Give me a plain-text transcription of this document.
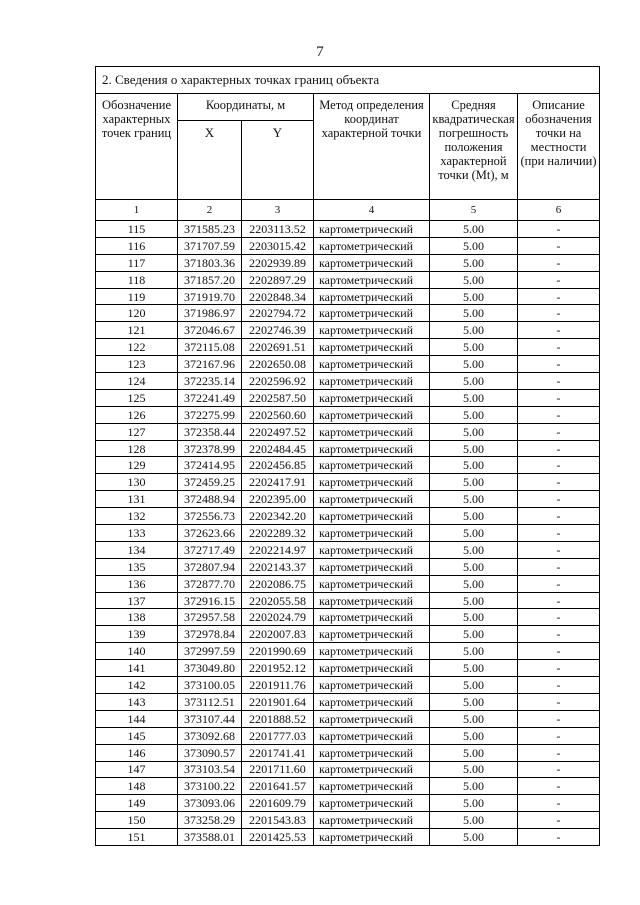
7
2. Сведения о характерных точках границ объекта					
Обозначение характерных точек границ	Координаты, м		Метод определения координат характерной точки	Средняя квадратическая погрешность положения характерной точки (Mt), м	Описание обозначения точки на местности (при наличии)
	X	Y			
1	2	3	4	5	6
115	371585.23	2203113.52	картометрический	5.00	-
116	371707.59	2203015.42	картометрический	5.00	-
117	371803.36	2202939.89	картометрический	5.00	-
118	371857.20	2202897.29	картометрический	5.00	-
119	371919.70	2202848.34	картометрический	5.00	-
120	371986.97	2202794.72	картометрический	5.00	-
121	372046.67	2202746.39	картометрический	5.00	-
122	372115.08	2202691.51	картометрический	5.00	-
123	372167.96	2202650.08	картометрический	5.00	-
124	372235.14	2202596.92	картометрический	5.00	-
125	372241.49	2202587.50	картометрический	5.00	-
126	372275.99	2202560.60	картометрический	5.00	-
127	372358.44	2202497.52	картометрический	5.00	-
128	372378.99	2202484.45	картометрический	5.00	-
129	372414.95	2202456.85	картометрический	5.00	-
130	372459.25	2202417.91	картометрический	5.00	-
131	372488.94	2202395.00	картометрический	5.00	-
132	372556.73	2202342.20	картометрический	5.00	-
133	372623.66	2202289.32	картометрический	5.00	-
134	372717.49	2202214.97	картометрический	5.00	-
135	372807.94	2202143.37	картометрический	5.00	-
136	372877.70	2202086.75	картометрический	5.00	-
137	372916.15	2202055.58	картометрический	5.00	-
138	372957.58	2202024.79	картометрический	5.00	-
139	372978.84	2202007.83	картометрический	5.00	-
140	372997.59	2201990.69	картометрический	5.00	-
141	373049.80	2201952.12	картометрический	5.00	-
142	373100.05	2201911.76	картометрический	5.00	-
143	373112.51	2201901.64	картометрический	5.00	-
144	373107.44	2201888.52	картометрический	5.00	-
145	373092.68	2201777.03	картометрический	5.00	-
146	373090.57	2201741.41	картометрический	5.00	-
147	373103.54	2201711.60	картометрический	5.00	-
148	373100.22	2201641.57	картометрический	5.00	-
149	373093.06	2201609.79	картометрический	5.00	-
150	373258.29	2201543.83	картометрический	5.00	-
151	373588.01	2201425.53	картометрический	5.00	-
